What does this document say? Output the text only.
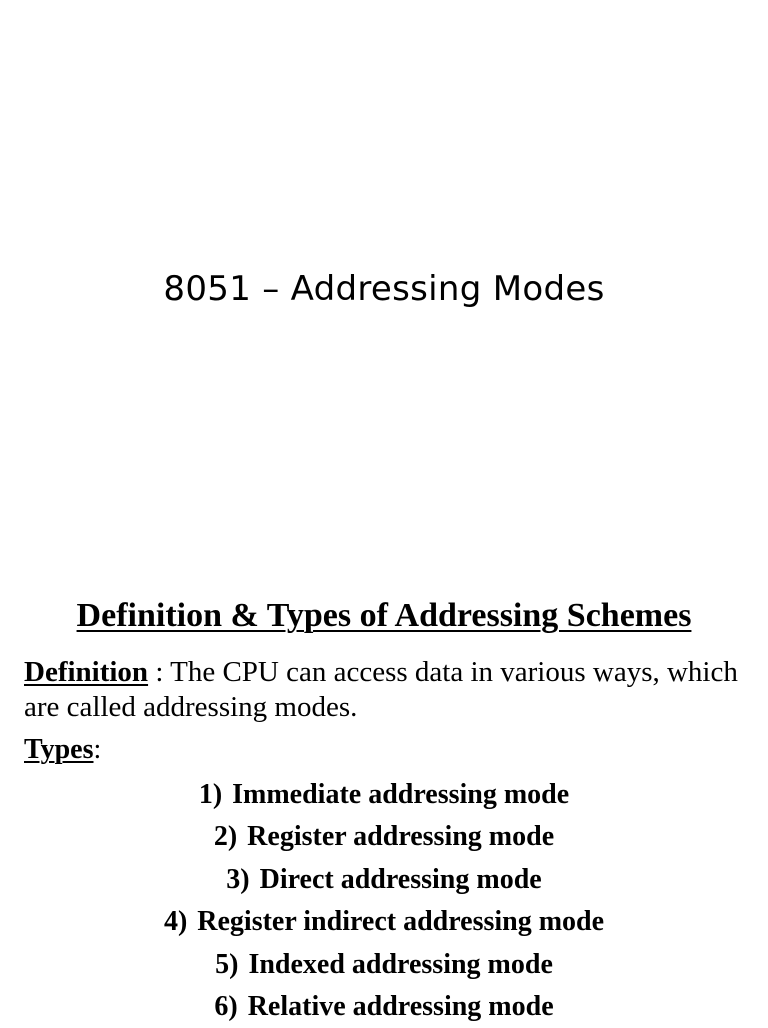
8051 – Addressing Modes
Definition & Types of Addressing Schemes
Definition : The CPU can access data in various ways, which are called addressing modes.
Types:
1) Immediate addressing mode
2) Register addressing mode
3) Direct addressing mode
4) Register indirect addressing mode
5) Indexed addressing mode
6) Relative addressing mode
